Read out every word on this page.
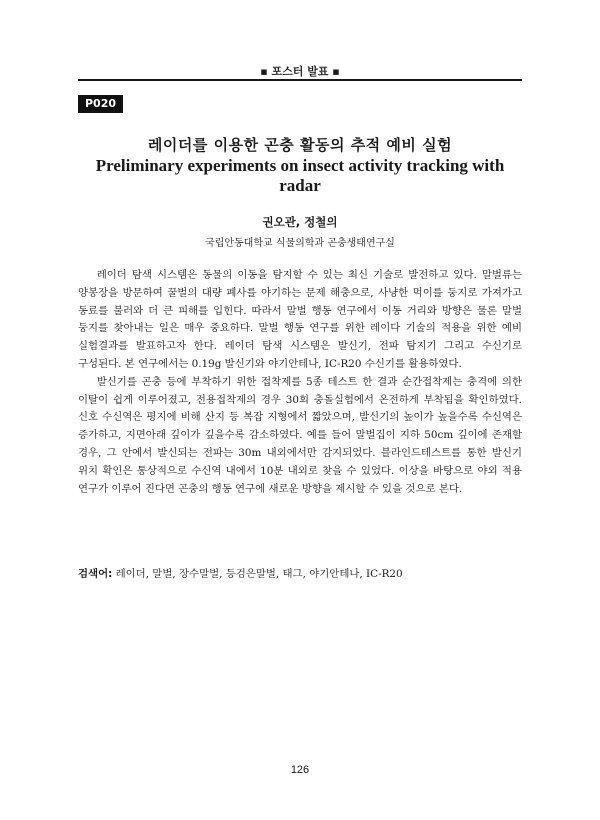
▪ 포스터 발표 ▪
P020
레이더를 이용한 곤충 활동의 추적 예비 실험
Preliminary experiments on insect activity tracking with radar
권오관, 정철의
국립안동대학교 식물의학과 곤충생태연구실

레이더 탐색 시스템은 동물의 이동을 탐지할 수 있는 최신 기술로 발전하고 있다. 말벌류는 양봉장을 방문하여 꿀벌의 대량 폐사를 야기하는 문제 해충으로, 사냥한 먹이를 둥지로 가져가고 동료를 불러와 더 큰 피해를 입힌다. 따라서 말벌 행동 연구에서 이동 거리와 방향은 물론 말벌 둥지를 찾아내는 일은 매우 중요하다. 말벌 행동 연구를 위한 레이다 기술의 적용을 위한 예비 실험결과를 발표하고자 한다. 레이더 탐색 시스템은 발신기, 전파 탐지기 그리고 수신기로 구성된다. 본 연구에서는 0.19g 발신기와 야기안테나, IC-R20 수신기를 활용하였다.

발신기를 곤충 등에 부착하기 위한 접착제를 5종 테스트 한 결과 순간접착제는 충격에 의한 이탈이 쉽게 이루어졌고, 전용접착제의 경우 30회 충돌실험에서 온전하게 부착됨을 확인하였다. 신호 수신역은 평지에 비해 산지 등 복잡 지형에서 짧았으며, 발신기의 높이가 높을수록 수신역은 증가하고, 지면아래 깊이가 깊을수록 감소하였다. 예를 들어 말벌집이 지하 50cm 깊이에 존재할 경우, 그 안에서 발신되는 전파는 30m 내외에서만 감지되었다. 블라인드테스트를 통한 발신기 위치 확인은 통상적으로 수신역 내에서 10분 내외로 찾을 수 있었다. 이상을 바탕으로 야외 적용 연구가 이루어 진다면 곤충의 행동 연구에 새로운 방향을 제시할 수 있을 것으로 본다.

검색어: 레이더, 말벌, 장수말벌, 등검은말벌, 태그, 야기안테나, IC-R20
126
